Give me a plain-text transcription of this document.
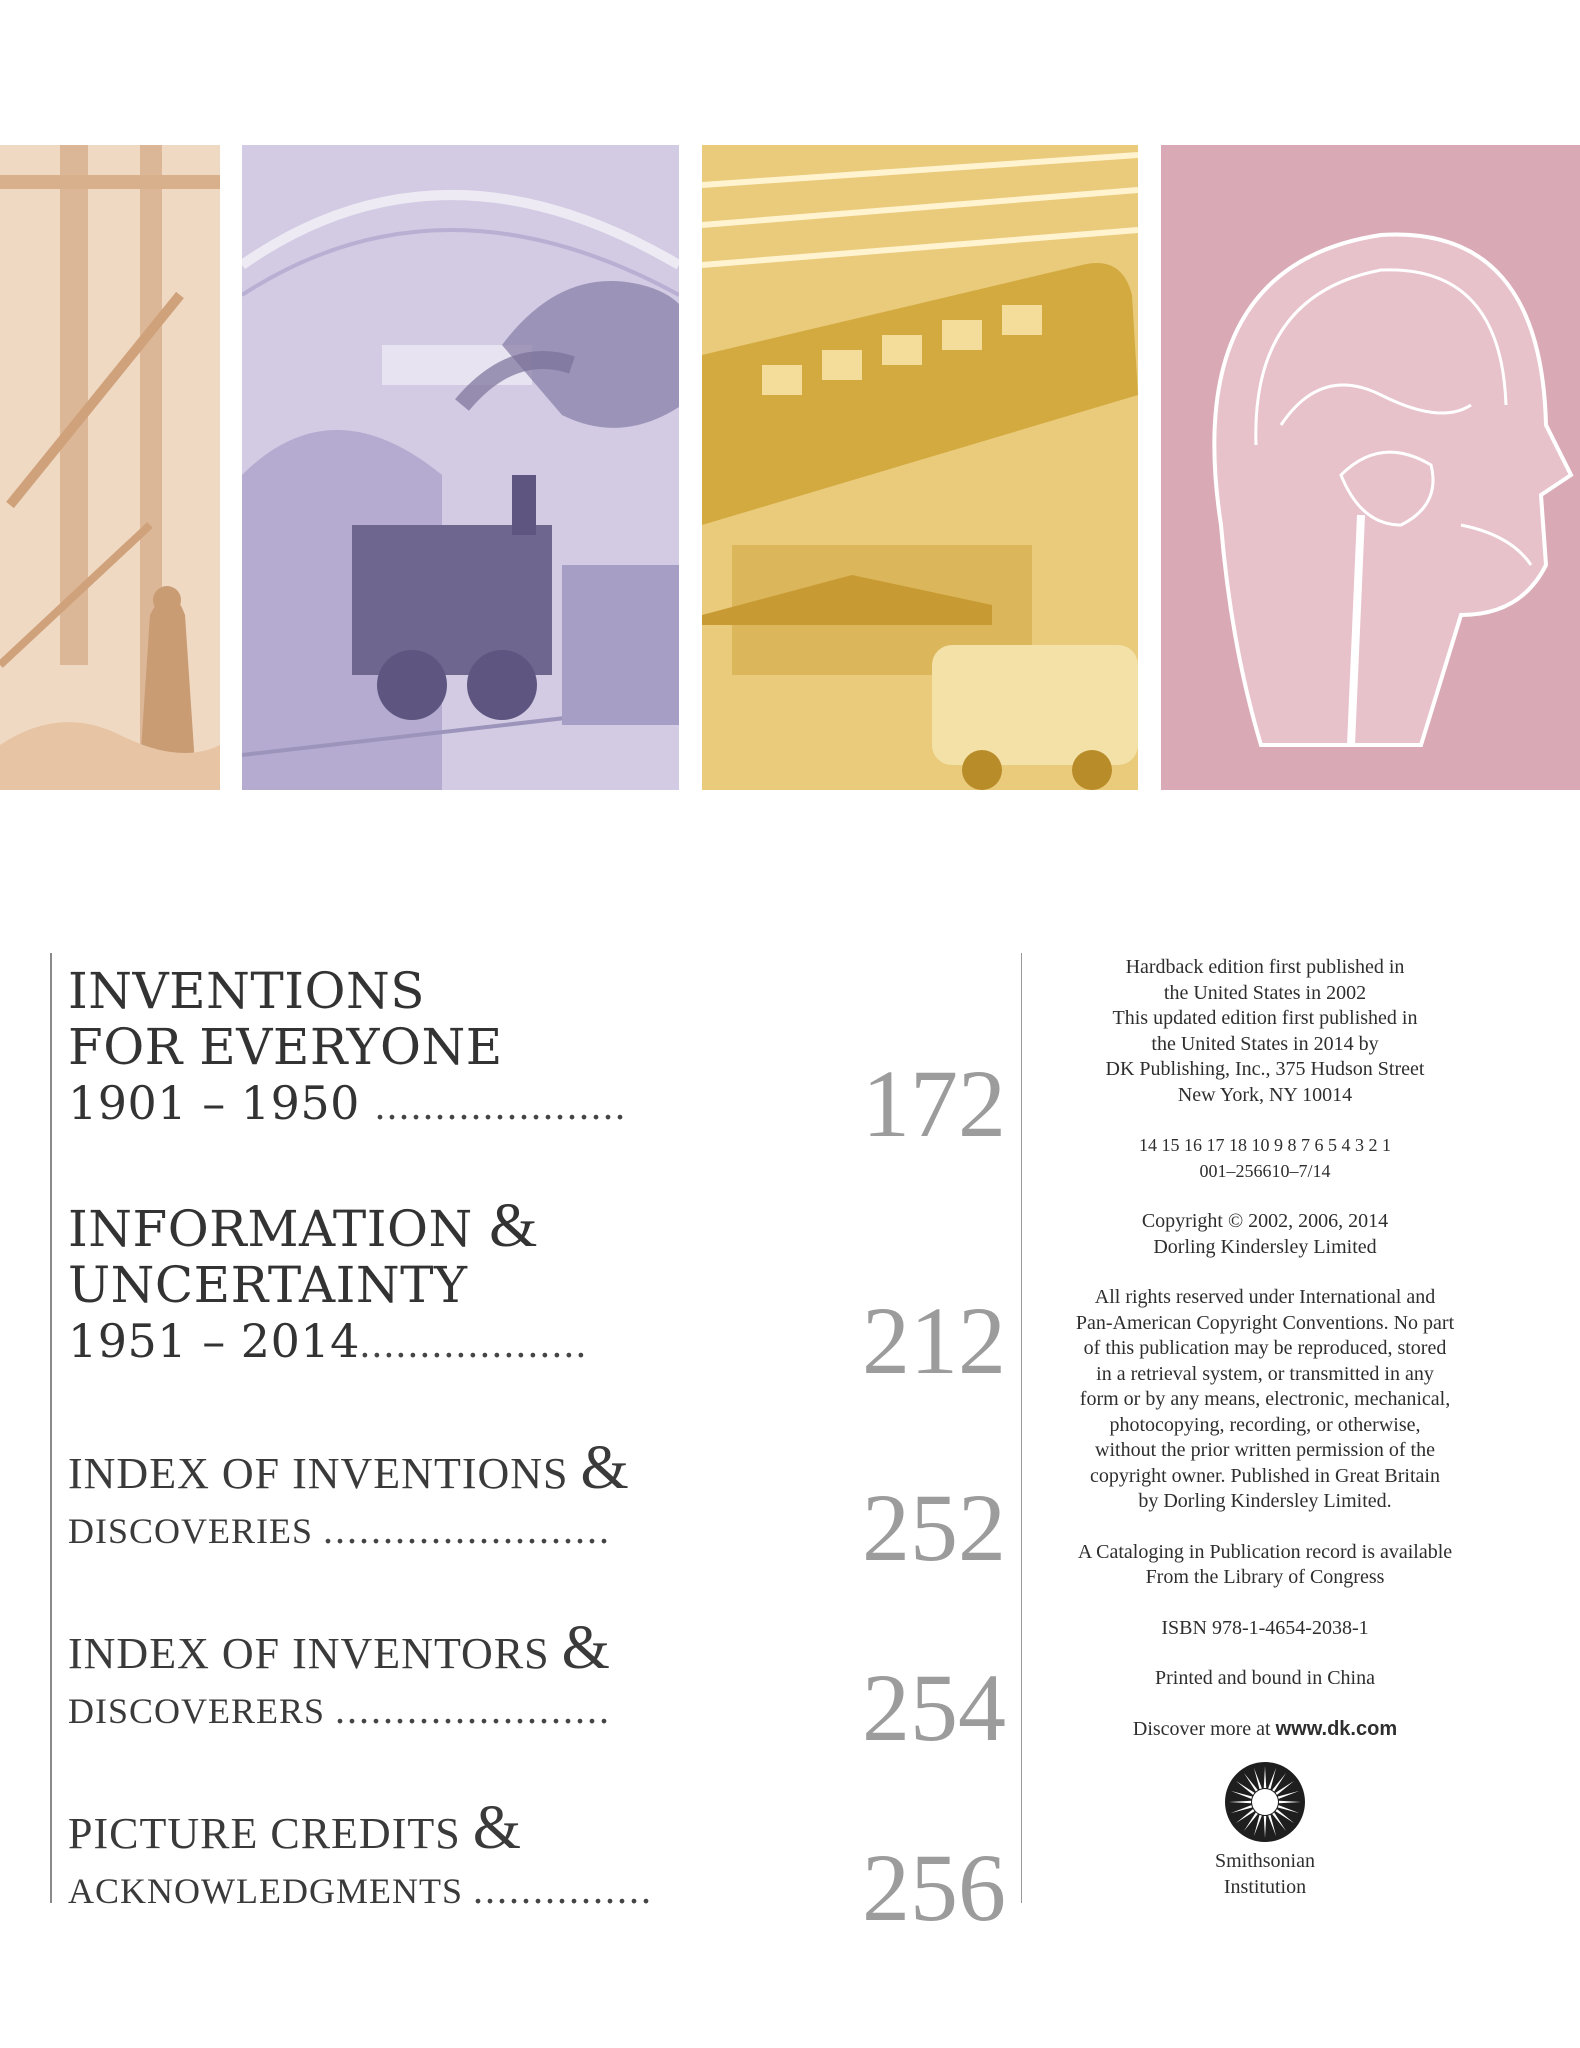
INVENTIONS
FOR EVERYONE
1901 – 1950 .....................	172
INFORMATION &
UNCERTAINTY
1951 – 2014...................	212
INDEX OF INVENTIONS &
DISCOVERIES ........................	252
INDEX OF INVENTORS &
DISCOVERERS .......................	254
PICTURE CREDITS &
ACKNOWLEDGMENTS ...............	256

Hardback edition first published in

the United States in 2002

This updated edition first published in

the United States in 2014 by

DK Publishing, Inc., 375 Hudson Street

New York, NY 10014

14 15 16 17 18 10 9 8 7 6 5 4 3 2 1

001–256610–7/14

Copyright © 2002, 2006, 2014

Dorling Kindersley Limited

All rights reserved under International and

Pan-American Copyright Conventions. No part

of this publication may be reproduced, stored

in a retrieval system, or transmitted in any

form or by any means, electronic, mechanical,

photocopying, recording, or otherwise,

without the prior written permission of the

copyright owner. Published in Great Britain

by Dorling Kindersley Limited.

A Cataloging in Publication record is available

From the Library of Congress

ISBN 978-1-4654-2038-1

Printed and bound in China

Discover more at www.dk.com

Smithsonian

Institution
